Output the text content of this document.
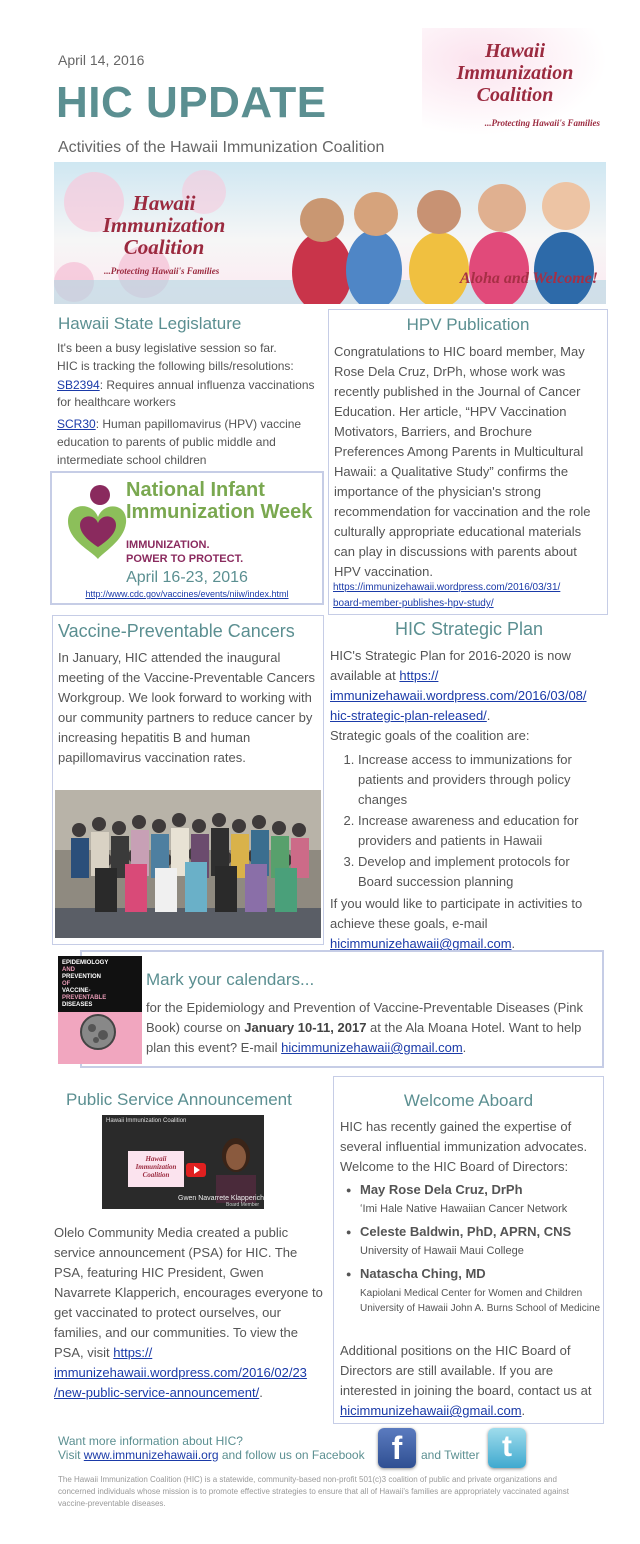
April 14, 2016
HIC UPDATE
Activities of the Hawaii Immunization Coalition
Hawaii
Immunization
Coalition
...Protecting Hawaii's Families
Hawaii
Immunization
Coalition
...Protecting Hawaii's Families	Aloha and Welcome!
Hawaii State Legislature
It's been a busy legislative session so far.
HIC is tracking the following bills/resolutions:
SB2394: Requires annual influenza vaccinations for healthcare workers
SCR30: Human papillomavirus (HPV) vaccine education to parents of public middle and intermediate school children
National Infant
Immunization Week
IMMUNIZATION.
POWER TO PROTECT.
April 16-23, 2016
http://www.cdc.gov/vaccines/events/niiw/index.html
HPV Publication
Congratulations to HIC board member, May Rose Dela Cruz, DrPh, whose work was recently published in the Journal of Cancer Education. Her article, “HPV Vaccination Motivators, Barriers, and Brochure Preferences Among Parents in Multicultural Hawaii: a Qualitative Study” confirms the importance of the physician's strong recommendation for vaccination and the role culturally appropriate educational materials can play in discussions with parents about HPV vaccination.
https://immunizehawaii.wordpress.com/2016/03/31/
board-member-publishes-hpv-study/
Vaccine-Preventable Cancers
In January, HIC attended the inaugural meeting of the Vaccine-Preventable Cancers Workgroup. We look forward to working with our community partners to reduce cancer by increasing hepatitis B and human papillomavirus vaccination rates.
HIC Strategic Plan
HIC's Strategic Plan for 2016-2020 is now available at https://
immunizehawaii.wordpress.com/2016/03/08/
hic-strategic-plan-released/.
Strategic goals of the coalition are:
1. Increase access to immunizations for patients and providers through policy changes
2. Increase awareness and education for providers and patients in Hawaii
3. Develop and implement protocols for Board succession planning
If you would like to participate in activities to achieve these goals, e-mail hicimmunizehawaii@gmail.com.
Mark your calendars...
for the Epidemiology and Prevention of Vaccine-Preventable Diseases (Pink Book) course on January 10-11, 2017 at the Ala Moana Hotel. Want to help plan this event? E-mail hicimmunizehawaii@gmail.com.
EPIDEMIOLOGY
AND
PREVENTION
OF
VACCINE-
PREVENTABLE
DISEASES
Public Service Announcement
Hawaii Immunization Coalition
Hawaii
Immunization
Coalition
Gwen Navarrete Klapperich
Board Member
Olelo Community Media created a public service announcement (PSA) for HIC. The PSA, featuring HIC President, Gwen Navarrete Klapperich, encourages everyone to get vaccinated to protect ourselves, our families, and our communities. To view the PSA, visit https://
immunizehawaii.wordpress.com/2016/02/23
/new-public-service-announcement/.
Welcome Aboard
HIC has recently gained the expertise of several influential immunization advocates. Welcome to the HIC Board of Directors:
● May Rose Dela Cruz, DrPh
ʻImi Hale Native Hawaiian Cancer Network
● Celeste Baldwin, PhD, APRN, CNS
University of Hawaii Maui College
● Natascha Ching, MD
Kapiolani Medical Center for Women and Children
University of Hawaii John A. Burns School of Medicine
Additional positions on the HIC Board of Directors are still available. If you are interested in joining the board, contact us at hicimmunizehawaii@gmail.com.
Want more information about HIC?
Visit www.immunizehawaii.org and follow us on Facebook f	and Twitter t
The Hawaii Immunization Coalition (HIC) is a statewide, community-based non-profit 501(c)3 coalition of public and private organizations and concerned individuals whose mission is to promote effective strategies to ensure that all of Hawaii's families are appropriately vaccinated against vaccine-preventable diseases.
